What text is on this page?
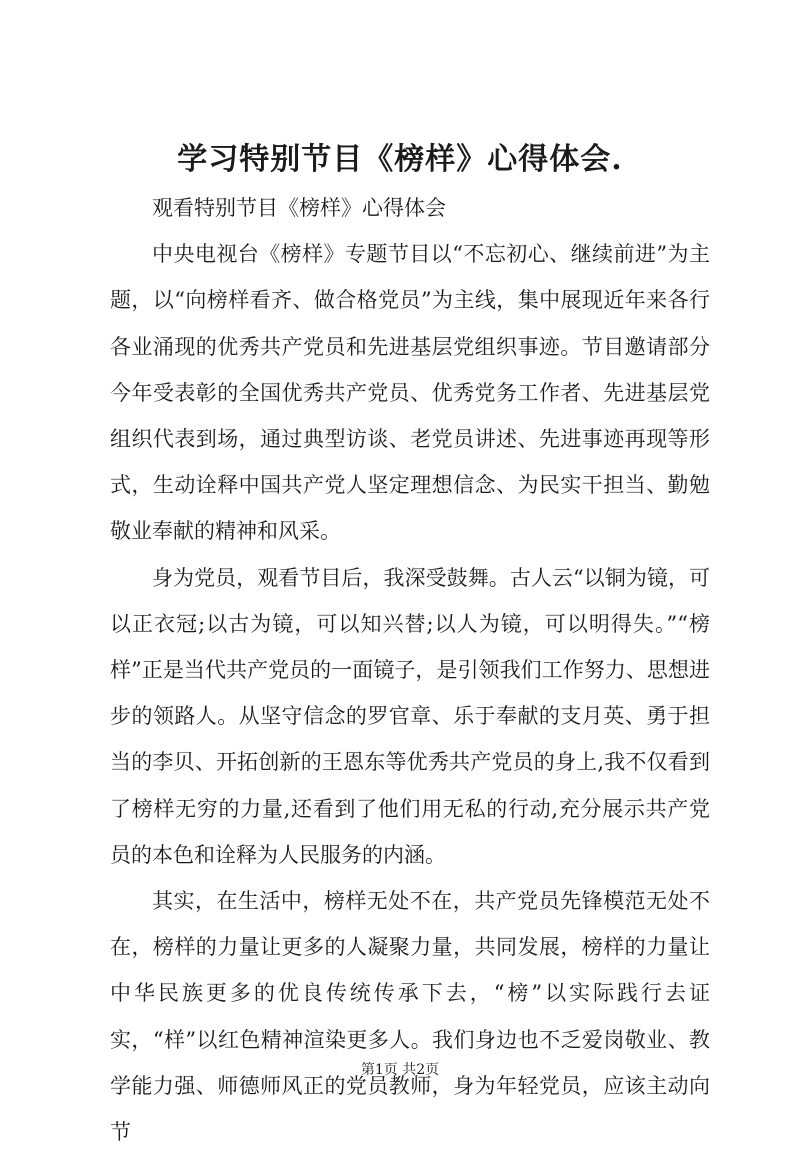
学习特别节目《榜样》心得体会.

观看特别节目《榜样》心得体会

中央电视台《榜样》专题节目以“不忘初心、继续前进”为主题，以“向榜样看齐、做合格党员”为主线，集中展现近年来各行各业涌现的优秀共产党员和先进基层党组织事迹。节目邀请部分今年受表彰的全国优秀共产党员、优秀党务工作者、先进基层党组织代表到场，通过典型访谈、老党员讲述、先进事迹再现等形式，生动诠释中国共产党人坚定理想信念、为民实干担当、勤勉敬业奉献的精神和风采。

身为党员，观看节目后，我深受鼓舞。古人云“以铜为镜，可以正衣冠;以古为镜，可以知兴替;以人为镜，可以明得失。”“榜样”正是当代共产党员的一面镜子，是引领我们工作努力、思想进步的领路人。从坚守信念的罗官章、乐于奉献的支月英、勇于担当的李贝、开拓创新的王恩东等优秀共产党员的身上,我不仅看到了榜样无穷的力量,还看到了他们用无私的行动,充分展示共产党员的本色和诠释为人民服务的内涵。

其实，在生活中，榜样无处不在，共产党员先锋模范无处不在，榜样的力量让更多的人凝聚力量，共同发展，榜样的力量让中华民族更多的优良传统传承下去，“榜”以实际践行去证实，“样”以红色精神渲染更多人。我们身边也不乏爱岗敬业、教学能力强、师德师风正的党员教师，身为年轻党员，应该主动向节

第1页 共2页
